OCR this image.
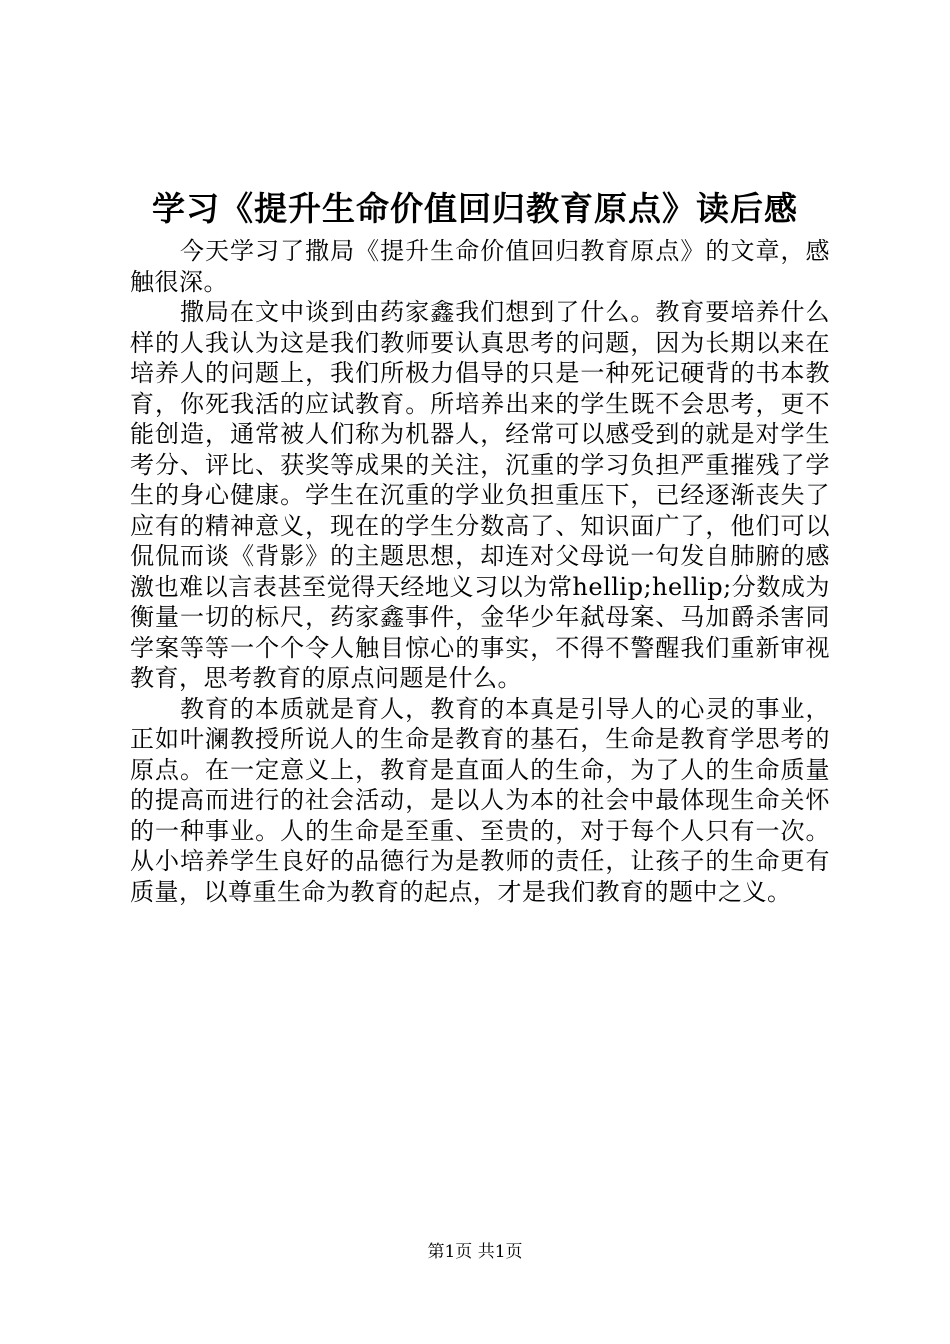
学习《提升生命价值回归教育原点》读后感

今天学习了撒局《提升生命价值回归教育原点》的文章，感触很深。

撒局在文中谈到由药家鑫我们想到了什么。教育要培养什么样的人我认为这是我们教师要认真思考的问题，因为长期以来在培养人的问题上，我们所极力倡导的只是一种死记硬背的书本教育，你死我活的应试教育。所培养出来的学生既不会思考，更不能创造，通常被人们称为机器人，经常可以感受到的就是对学生考分、评比、获奖等成果的关注，沉重的学习负担严重摧残了学生的身心健康。学生在沉重的学业负担重压下，已经逐渐丧失了应有的精神意义，现在的学生分数高了、知识面广了，他们可以侃侃而谈《背影》的主题思想，却连对父母说一句发自肺腑的感激也难以言表甚至觉得天经地义习以为常hellip;hellip;分数成为衡量一切的标尺，药家鑫事件，金华少年弑母案、马加爵杀害同学案等等一个个令人触目惊心的事实，不得不警醒我们重新审视教育，思考教育的原点问题是什么。

教育的本质就是育人，教育的本真是引导人的心灵的事业，正如叶澜教授所说人的生命是教育的基石，生命是教育学思考的原点。在一定意义上，教育是直面人的生命，为了人的生命质量的提高而进行的社会活动，是以人为本的社会中最体现生命关怀的一种事业。人的生命是至重、至贵的，对于每个人只有一次。从小培养学生良好的品德行为是教师的责任，让孩子的生命更有质量，以尊重生命为教育的起点，才是我们教育的题中之义。

第1页 共1页
